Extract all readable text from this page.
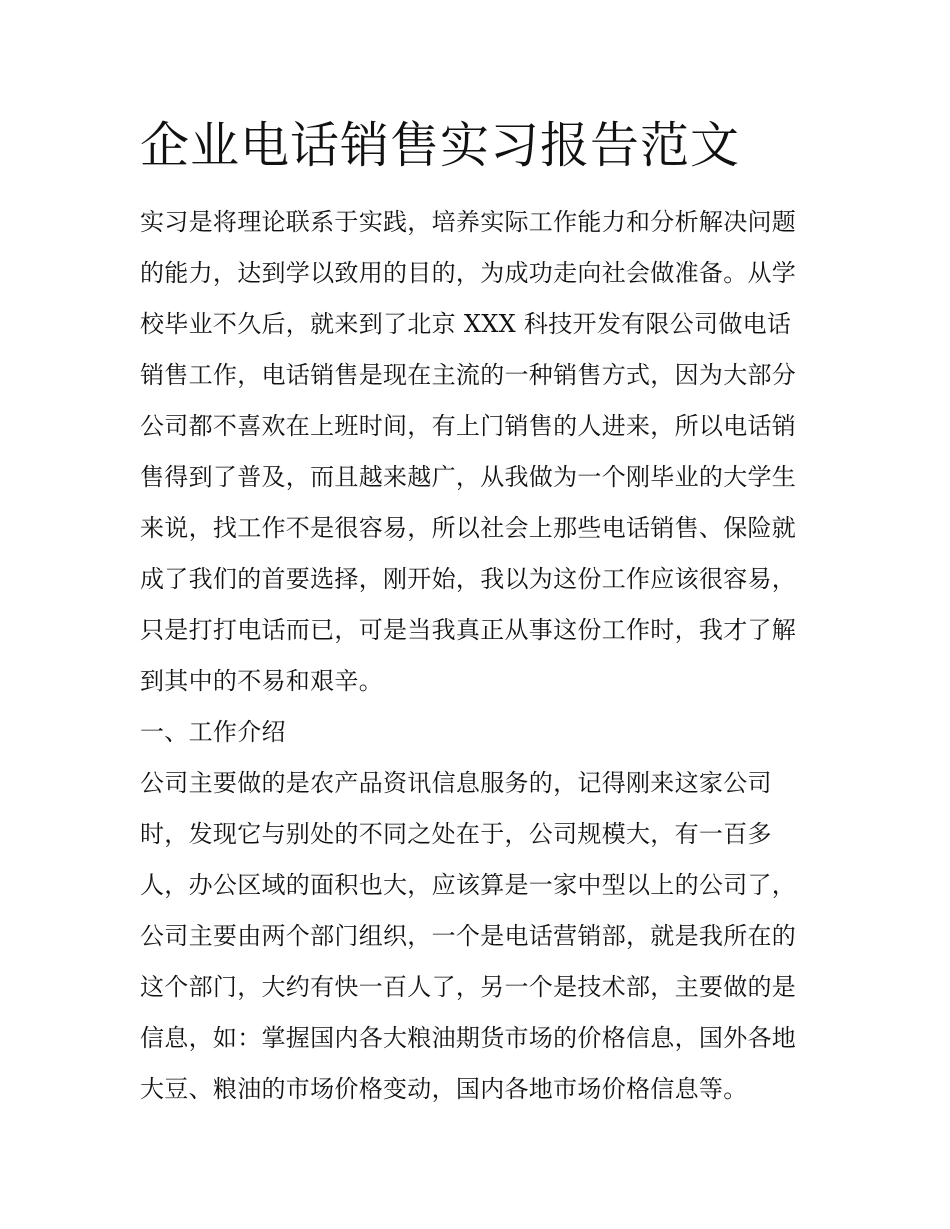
企业电话销售实习报告范文
实习是将理论联系于实践，培养实际工作能力和分析解决问题
的能力，达到学以致用的目的，为成功走向社会做准备。从学
校毕业不久后，就来到了北京 XXX 科技开发有限公司做电话
销售工作，电话销售是现在主流的一种销售方式，因为大部分
公司都不喜欢在上班时间，有上门销售的人进来，所以电话销
售得到了普及，而且越来越广，从我做为一个刚毕业的大学生
来说，找工作不是很容易，所以社会上那些电话销售、保险就
成了我们的首要选择，刚开始，我以为这份工作应该很容易，
只是打打电话而已，可是当我真正从事这份工作时，我才了解
到其中的不易和艰辛。
一、工作介绍
公司主要做的是农产品资讯信息服务的，记得刚来这家公司
时，发现它与别处的不同之处在于，公司规模大，有一百多
人，办公区域的面积也大，应该算是一家中型以上的公司了，
公司主要由两个部门组织，一个是电话营销部，就是我所在的
这个部门，大约有快一百人了，另一个是技术部，主要做的是
信息，如：掌握国内各大粮油期货市场的价格信息，国外各地
大豆、粮油的市场价格变动，国内各地市场价格信息等。
